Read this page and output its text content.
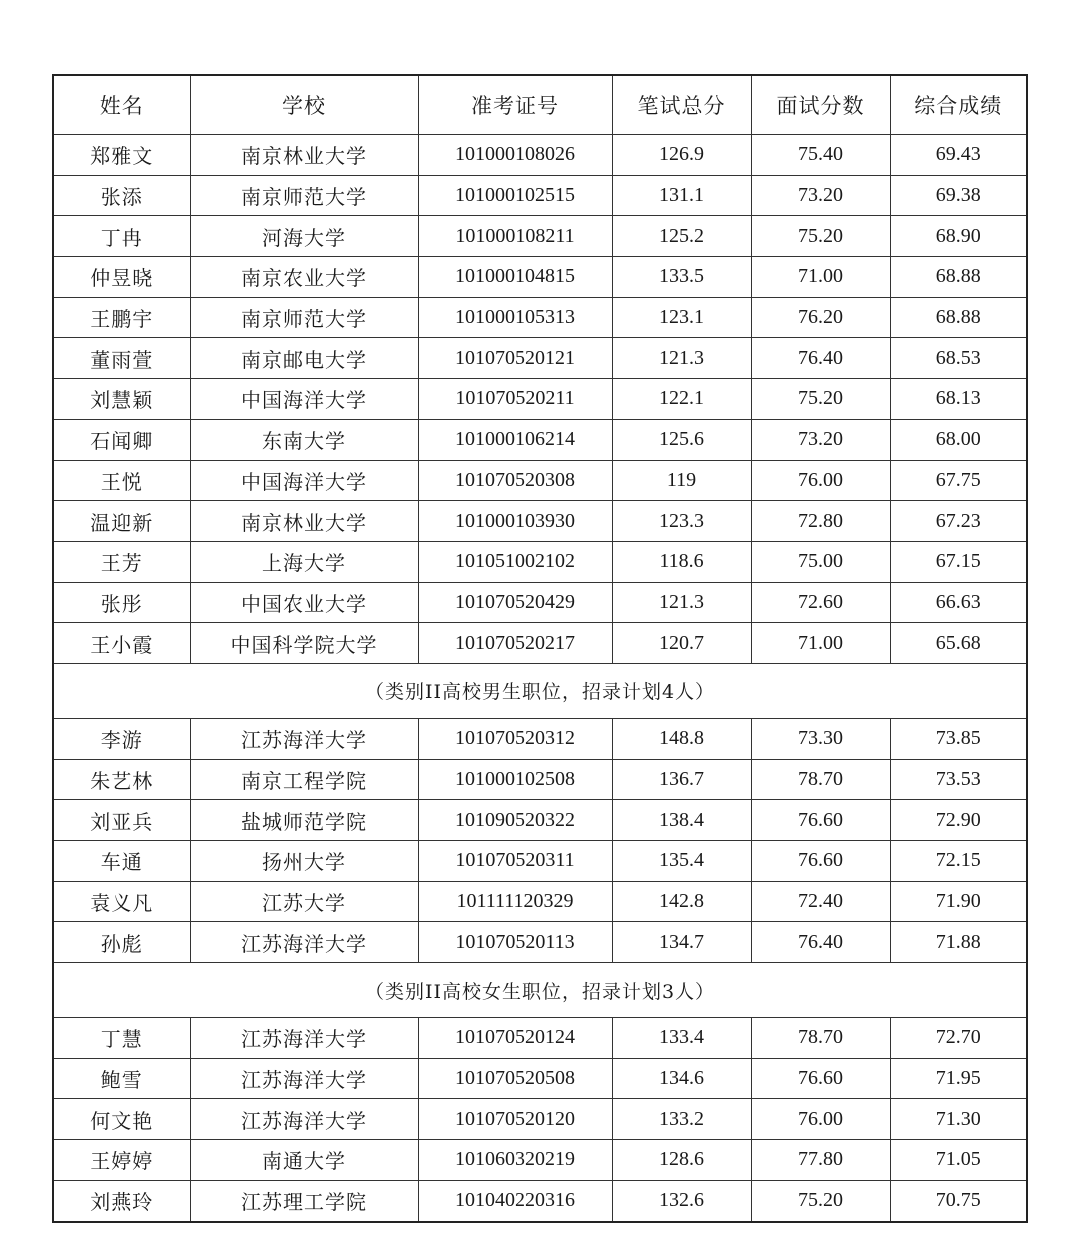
姓名	学校	准考证号	笔试总分	面试分数	综合成绩
郑雅文	南京林业大学	101000108026	126.9	75.40	69.43
张添	南京师范大学	101000102515	131.1	73.20	69.38
丁冉	河海大学	101000108211	125.2	75.20	68.90
仲昱晓	南京农业大学	101000104815	133.5	71.00	68.88
王鹏宇	南京师范大学	101000105313	123.1	76.20	68.88
董雨萱	南京邮电大学	101070520121	121.3	76.40	68.53
刘慧颖	中国海洋大学	101070520211	122.1	75.20	68.13
石闻卿	东南大学	101000106214	125.6	73.20	68.00
王悦	中国海洋大学	101070520308	119	76.00	67.75
温迎新	南京林业大学	101000103930	123.3	72.80	67.23
王芳	上海大学	101051002102	118.6	75.00	67.15
张彤	中国农业大学	101070520429	121.3	72.60	66.63
王小霞	中国科学院大学	101070520217	120.7	71.00	65.68
（类别II高校男生职位，招录计划4人）					
李游	江苏海洋大学	101070520312	148.8	73.30	73.85
朱艺林	南京工程学院	101000102508	136.7	78.70	73.53
刘亚兵	盐城师范学院	101090520322	138.4	76.60	72.90
车通	扬州大学	101070520311	135.4	76.60	72.15
袁义凡	江苏大学	101111120329	142.8	72.40	71.90
孙彪	江苏海洋大学	101070520113	134.7	76.40	71.88
（类别II高校女生职位，招录计划3人）					
丁慧	江苏海洋大学	101070520124	133.4	78.70	72.70
鲍雪	江苏海洋大学	101070520508	134.6	76.60	71.95
何文艳	江苏海洋大学	101070520120	133.2	76.00	71.30
王婷婷	南通大学	101060320219	128.6	77.80	71.05
刘燕玲	江苏理工学院	101040220316	132.6	75.20	70.75
